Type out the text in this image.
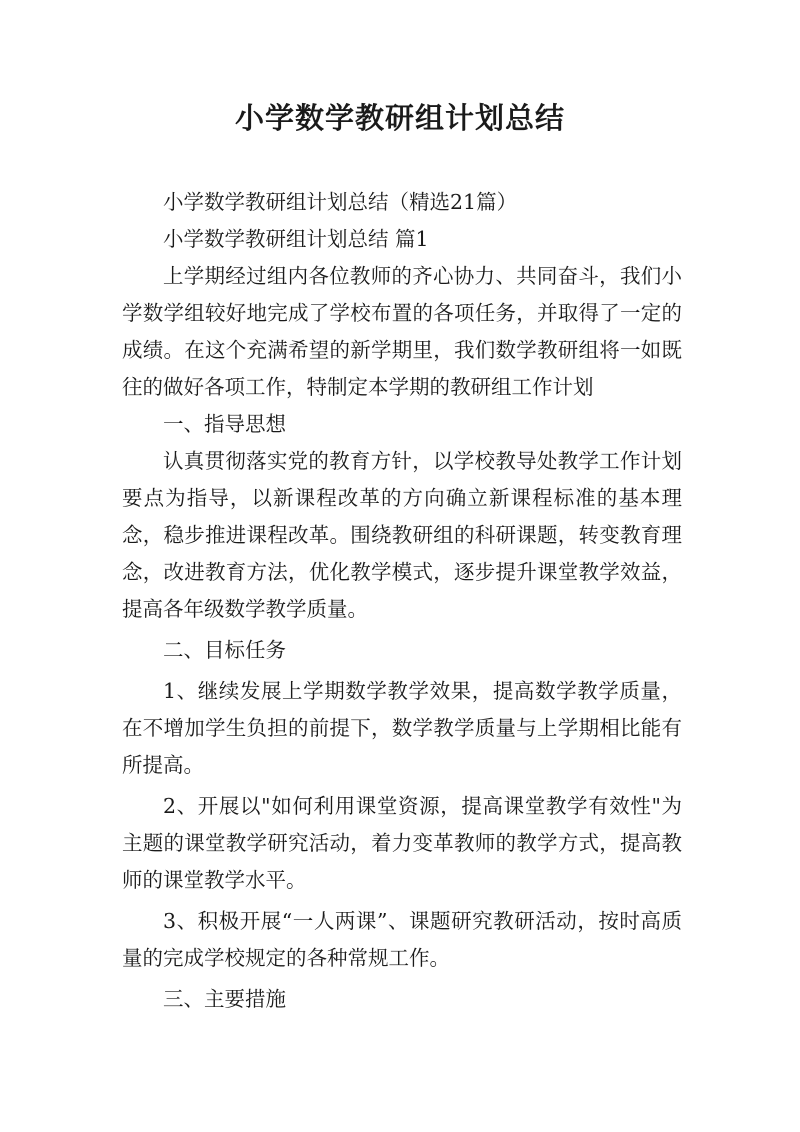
小学数学教研组计划总结

小学数学教研组计划总结（精选21篇）

小学数学教研组计划总结 篇1

上学期经过组内各位教师的齐心协力、共同奋斗，我们小学数学组较好地完成了学校布置的各项任务，并取得了一定的成绩。在这个充满希望的新学期里，我们数学教研组将一如既往的做好各项工作，特制定本学期的教研组工作计划

一、指导思想

认真贯彻落实党的教育方针，以学校教导处教学工作计划要点为指导，以新课程改革的方向确立新课程标准的基本理念，稳步推进课程改革。围绕教研组的科研课题，转变教育理念，改进教育方法，优化教学模式，逐步提升课堂教学效益，提高各年级数学教学质量。

二、目标任务

1、继续发展上学期数学教学效果，提高数学教学质量，在不增加学生负担的前提下，数学教学质量与上学期相比能有所提高。

2、开展以"如何利用课堂资源，提高课堂教学有效性"为主题的课堂教学研究活动，着力变革教师的教学方式，提高教师的课堂教学水平。

3、积极开展“一人两课”、课题研究教研活动，按时高质量的完成学校规定的各种常规工作。

三、主要措施
